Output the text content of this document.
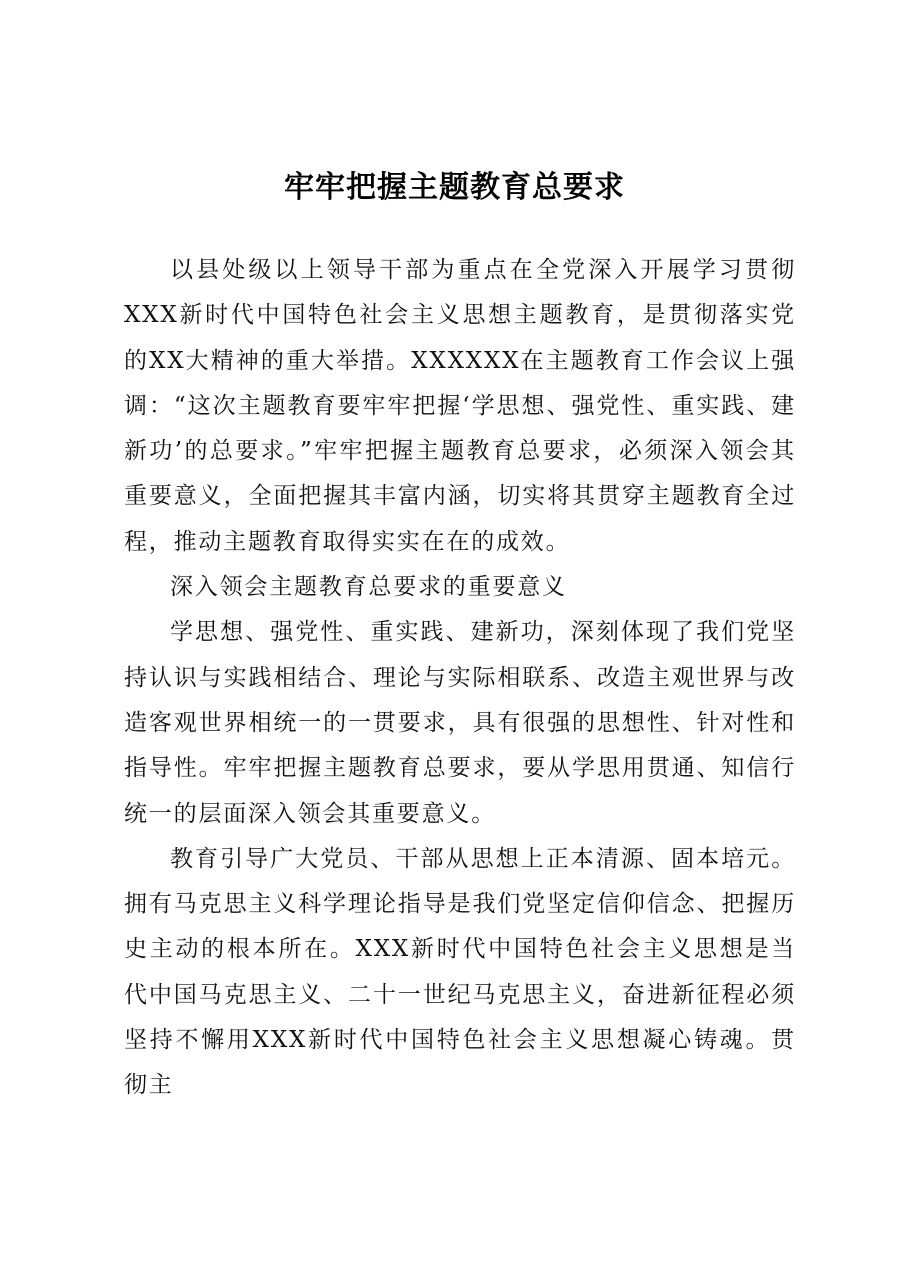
牢牢把握主题教育总要求

以县处级以上领导干部为重点在全党深入开展学习贯彻XXX新时代中国特色社会主义思想主题教育，是贯彻落实党的XX大精神的重大举措。XXXXXX在主题教育工作会议上强调：“这次主题教育要牢牢把握‘学思想、强党性、重实践、建新功’的总要求。”牢牢把握主题教育总要求，必须深入领会其重要意义，全面把握其丰富内涵，切实将其贯穿主题教育全过程，推动主题教育取得实实在在的成效。

深入领会主题教育总要求的重要意义

学思想、强党性、重实践、建新功，深刻体现了我们党坚持认识与实践相结合、理论与实际相联系、改造主观世界与改造客观世界相统一的一贯要求，具有很强的思想性、针对性和指导性。牢牢把握主题教育总要求，要从学思用贯通、知信行统一的层面深入领会其重要意义。

教育引导广大党员、干部从思想上正本清源、固本培元。拥有马克思主义科学理论指导是我们党坚定信仰信念、把握历史主动的根本所在。XXX新时代中国特色社会主义思想是当代中国马克思主义、二十一世纪马克思主义，奋进新征程必须坚持不懈用XXX新时代中国特色社会主义思想凝心铸魂。贯彻主
